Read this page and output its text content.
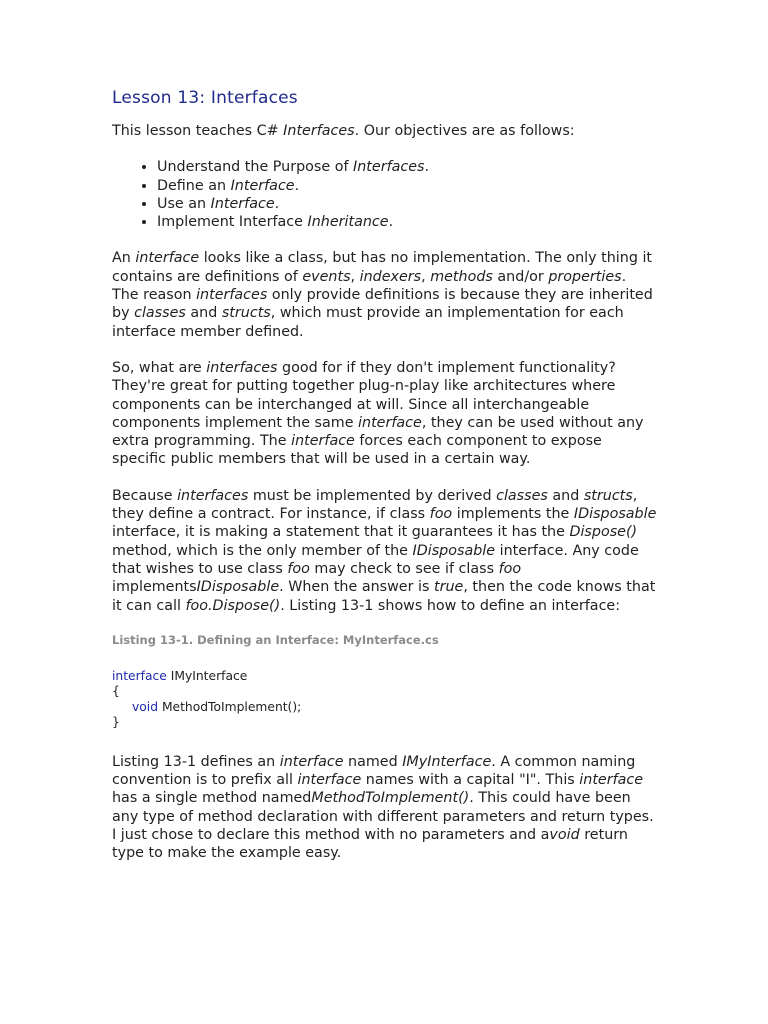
Lesson 13: Interfaces

This lesson teaches C# Interfaces. Our objectives are as follows:

• Understand the Purpose of Interfaces.
• Define an Interface.
• Use an Interface.
• Implement Interface Inheritance.

An interface looks like a class, but has no implementation. The only thing it contains are definitions of events, indexers, methods and/or properties. The reason interfaces only provide definitions is because they are inherited by classes and structs, which must provide an implementation for each interface member defined.

So, what are interfaces good for if they don't implement functionality? They're great for putting together plug-n-play like architectures where components can be interchanged at will. Since all interchangeable components implement the same interface, they can be used without any extra programming. The interface forces each component to expose specific public members that will be used in a certain way.

Because interfaces must be implemented by derived classes and structs, they define a contract. For instance, if class foo implements the IDisposable interface, it is making a statement that it guarantees it has the Dispose() method, which is the only member of the IDisposable interface. Any code that wishes to use class foo may check to see if class foo implementsIDisposable. When the answer is true, then the code knows that it can call foo.Dispose(). Listing 13-1 shows how to define an interface:

Listing 13-1. Defining an Interface: MyInterface.cs
interface IMyInterface
{
void MethodToImplement();
}

Listing 13-1 defines an interface named IMyInterface. A common naming convention is to prefix all interface names with a capital "I". This interface has a single method namedMethodToImplement(). This could have been any type of method declaration with different parameters and return types. I just chose to declare this method with no parameters and avoid return type to make the example easy.
